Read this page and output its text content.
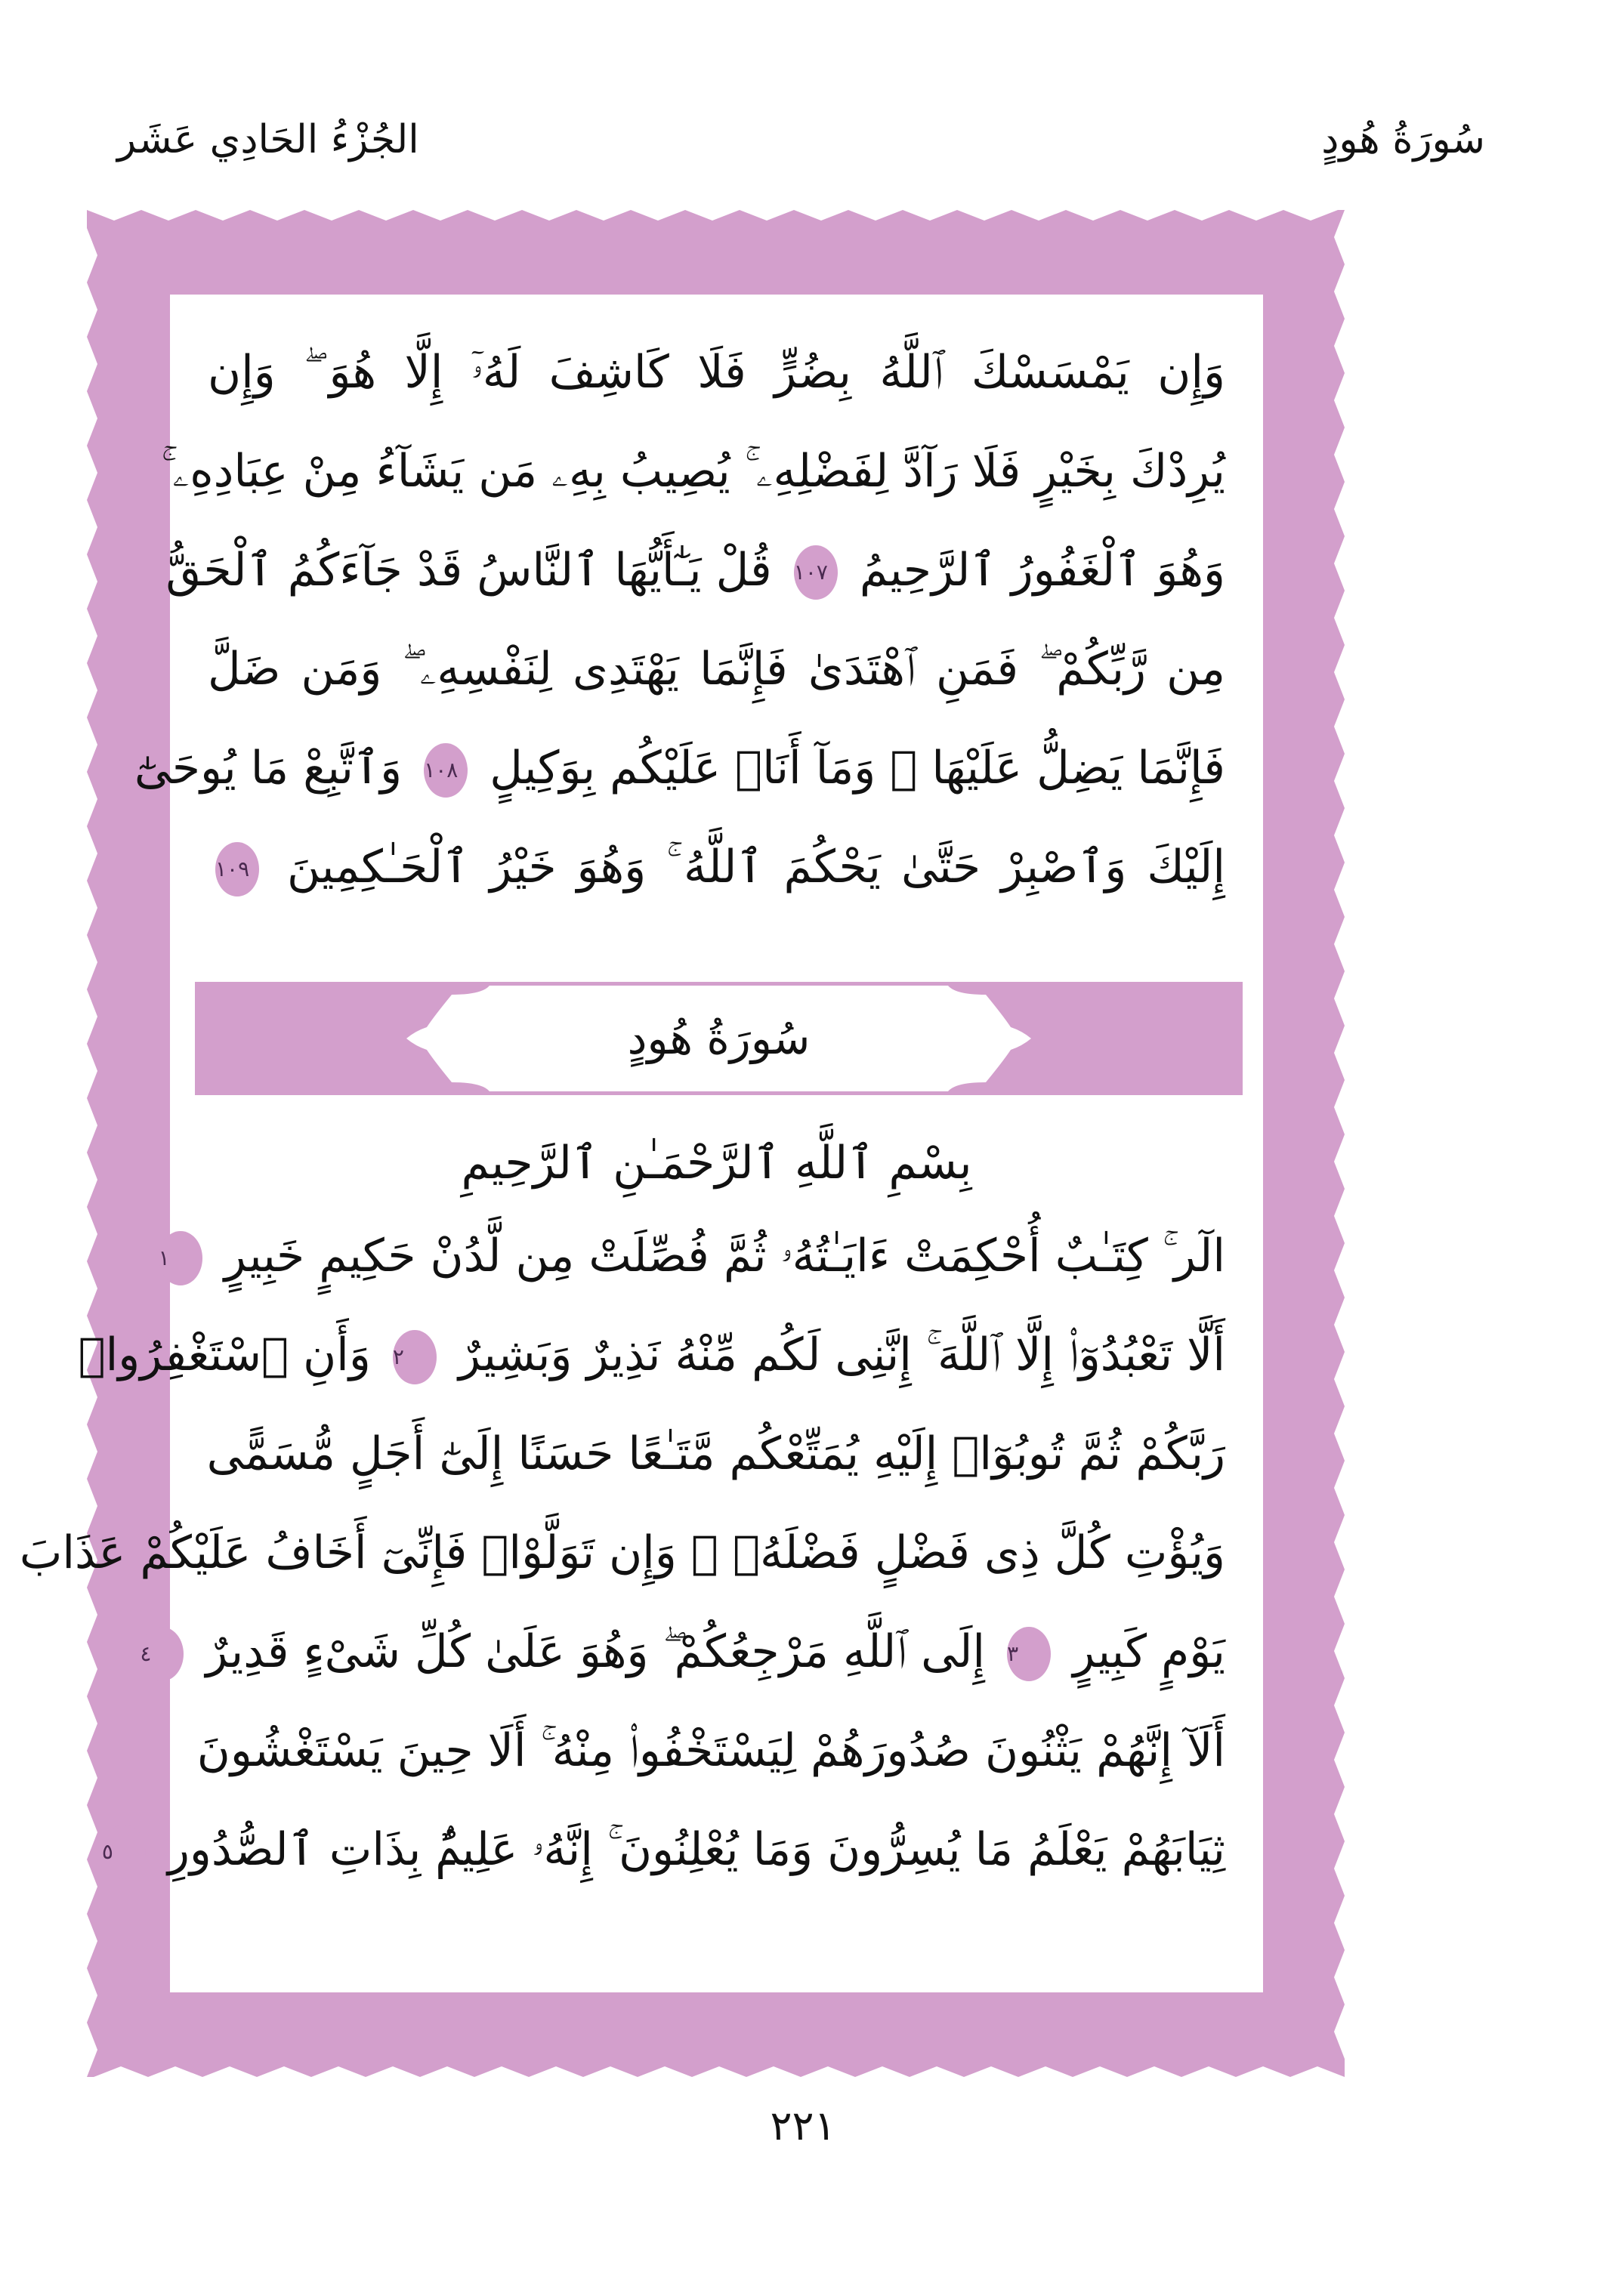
سُورَةُ هُودٍ
الجُزْءُ الحَادِي عَشَر
وَإِن يَمْسَسْكَ ٱللَّهُ بِضُرٍّ فَلَا كَاشِفَ لَهُۥٓ إِلَّا هُوَ ۖ وَإِن
يُرِدْكَ بِخَيْرٍ فَلَا رَآدَّ لِفَضْلِهِۦ ۚ يُصِيبُ بِهِۦ مَن يَشَآءُ مِنْ عِبَادِهِۦ ۚ
وَهُوَ ٱلْغَفُورُ ٱلرَّحِيمُ ١٠٧ قُلْ يَـٰٓأَيُّهَا ٱلنَّاسُ قَدْ جَآءَكُمُ ٱلْحَقُّ
مِن رَّبِّكُمْ ۖ فَمَنِ ٱهْتَدَىٰ فَإِنَّمَا يَهْتَدِى لِنَفْسِهِۦ ۖ وَمَن ضَلَّ
فَإِنَّمَا يَضِلُّ عَلَيْهَا ۖ وَمَآ أَنَا۠ عَلَيْكُم بِوَكِيلٍ ١٠٨ وَٱتَّبِعْ مَا يُوحَىٰٓ
إِلَيْكَ وَٱصْبِرْ حَتَّىٰ يَحْكُمَ ٱللَّهُ ۚ وَهُوَ خَيْرُ ٱلْحَـٰكِمِينَ ١٠٩
سُورَةُ هُودٍ
بِسْمِ ٱللَّهِ ٱلرَّحْمَـٰنِ ٱلرَّحِيمِ
الٓر ۚ كِتَـٰبٌ أُحْكِمَتْ ءَايَـٰتُهُۥ ثُمَّ فُصِّلَتْ مِن لَّدُنْ حَكِيمٍ خَبِيرٍ ١
أَلَّا تَعْبُدُوٓا۟ إِلَّا ٱللَّهَ ۚ إِنَّنِى لَكُم مِّنْهُ نَذِيرٌ وَبَشِيرٌ ٢ وَأَنِ ٱسْتَغْفِرُوا۟
رَبَّكُمْ ثُمَّ تُوبُوٓا۟ إِلَيْهِ يُمَتِّعْكُم مَّتَـٰعًا حَسَنًا إِلَىٰٓ أَجَلٍ مُّسَمًّى
وَيُؤْتِ كُلَّ ذِى فَضْلٍ فَضْلَهُۥ ۖ وَإِن تَوَلَّوْا۟ فَإِنِّىٓ أَخَافُ عَلَيْكُمْ عَذَابَ
يَوْمٍ كَبِيرٍ ٣ إِلَى ٱللَّهِ مَرْجِعُكُمْ ۖ وَهُوَ عَلَىٰ كُلِّ شَىْءٍ قَدِيرٌ ٤
أَلَآ إِنَّهُمْ يَثْنُونَ صُدُورَهُمْ لِيَسْتَخْفُوا۟ مِنْهُ ۚ أَلَا حِينَ يَسْتَغْشُونَ
ثِيَابَهُمْ يَعْلَمُ مَا يُسِرُّونَ وَمَا يُعْلِنُونَ ۚ إِنَّهُۥ عَلِيمٌۢ بِذَاتِ ٱلصُّدُورِ ٥
٢٢١
